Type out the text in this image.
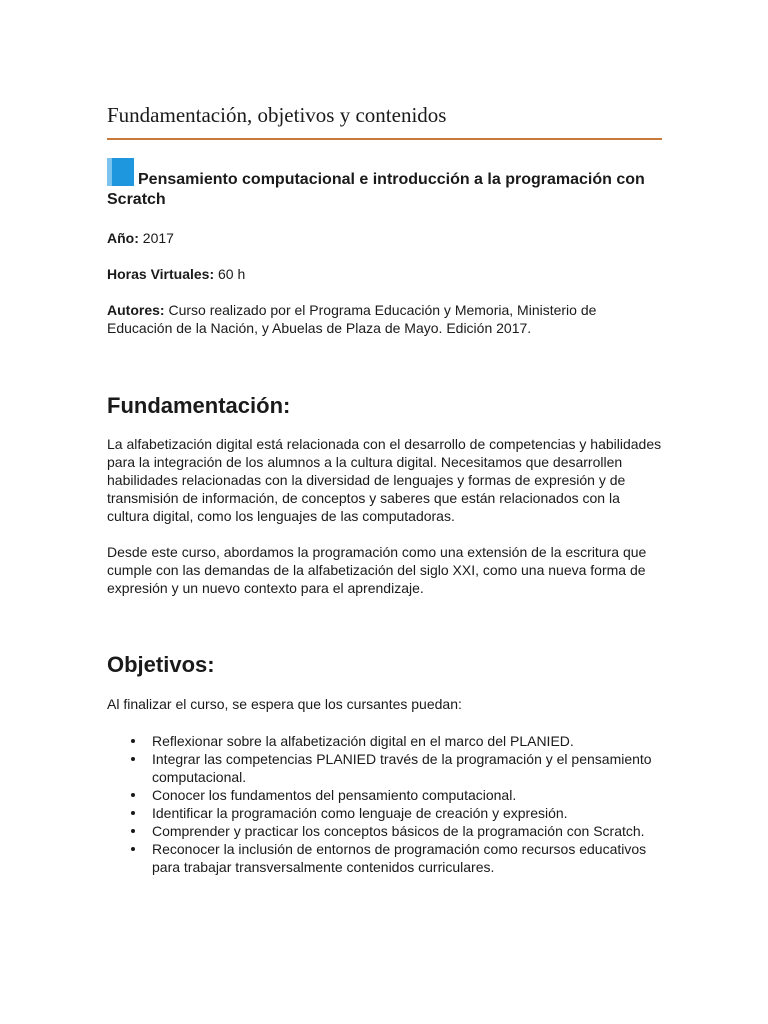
Fundamentación, objetivos y contenidos
Pensamiento computacional e introducción a la programación con Scratch

Año: 2017

Horas Virtuales: 60 h

Autores: Curso realizado por el Programa Educación y Memoria, Ministerio de Educación de la Nación, y Abuelas de Plaza de Mayo. Edición 2017.

Fundamentación:

La alfabetización digital está relacionada con el desarrollo de competencias y habilidades para la integración de los alumnos a la cultura digital. Necesitamos que desarrollen habilidades relacionadas con la diversidad de lenguajes y formas de expresión y de transmisión de información, de conceptos y saberes que están relacionados con la cultura digital, como los lenguajes de las computadoras.

Desde este curso, abordamos la programación como una extensión de la escritura que cumple con las demandas de la alfabetización del siglo XXI, como una nueva forma de expresión y un nuevo contexto para el aprendizaje.

Objetivos:

Al finalizar el curso, se espera que los cursantes puedan:

Reflexionar sobre la alfabetización digital en el marco del PLANIED.
Integrar las competencias PLANIED través de la programación y el pensamiento computacional.
Conocer los fundamentos del pensamiento computacional.
Identificar la programación como lenguaje de creación y expresión.
Comprender y practicar los conceptos básicos de la programación con Scratch.
Reconocer la inclusión de entornos de programación como recursos educativos para trabajar transversalmente contenidos curriculares.
